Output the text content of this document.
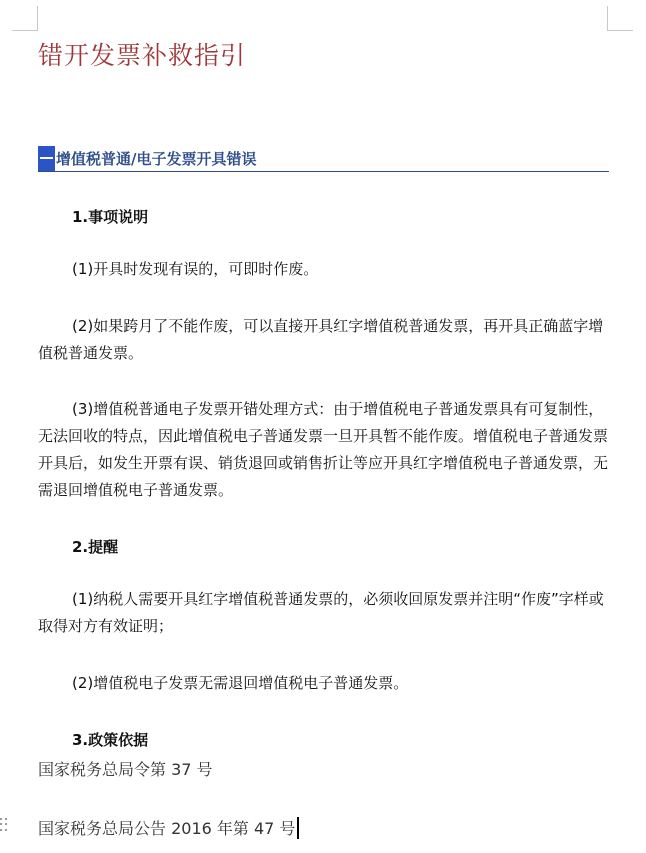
错开发票补救指引
增值税普通/电子发票开具错误
1.事项说明

(1)开具时发现有误的，可即时作废。

(2)如果跨月了不能作废，可以直接开具红字增值税普通发票，再开具正确蓝字增值税普通发票。

(3)增值税普通电子发票开错处理方式：由于增值税电子普通发票具有可复制性，无法回收的特点，因此增值税电子普通发票一旦开具暂不能作废。增值税电子普通发票开具后，如发生开票有误、销货退回或销售折让等应开具红字增值税电子普通发票，无需退回增值税电子普通发票。

2.提醒

(1)纳税人需要开具红字增值税普通发票的，必须收回原发票并注明“作废”字样或取得对方有效证明；

(2)增值税电子发票无需退回增值税电子普通发票。

3.政策依据
国家税务总局令第 37 号
国家税务总局公告 2016 年第 47 号
